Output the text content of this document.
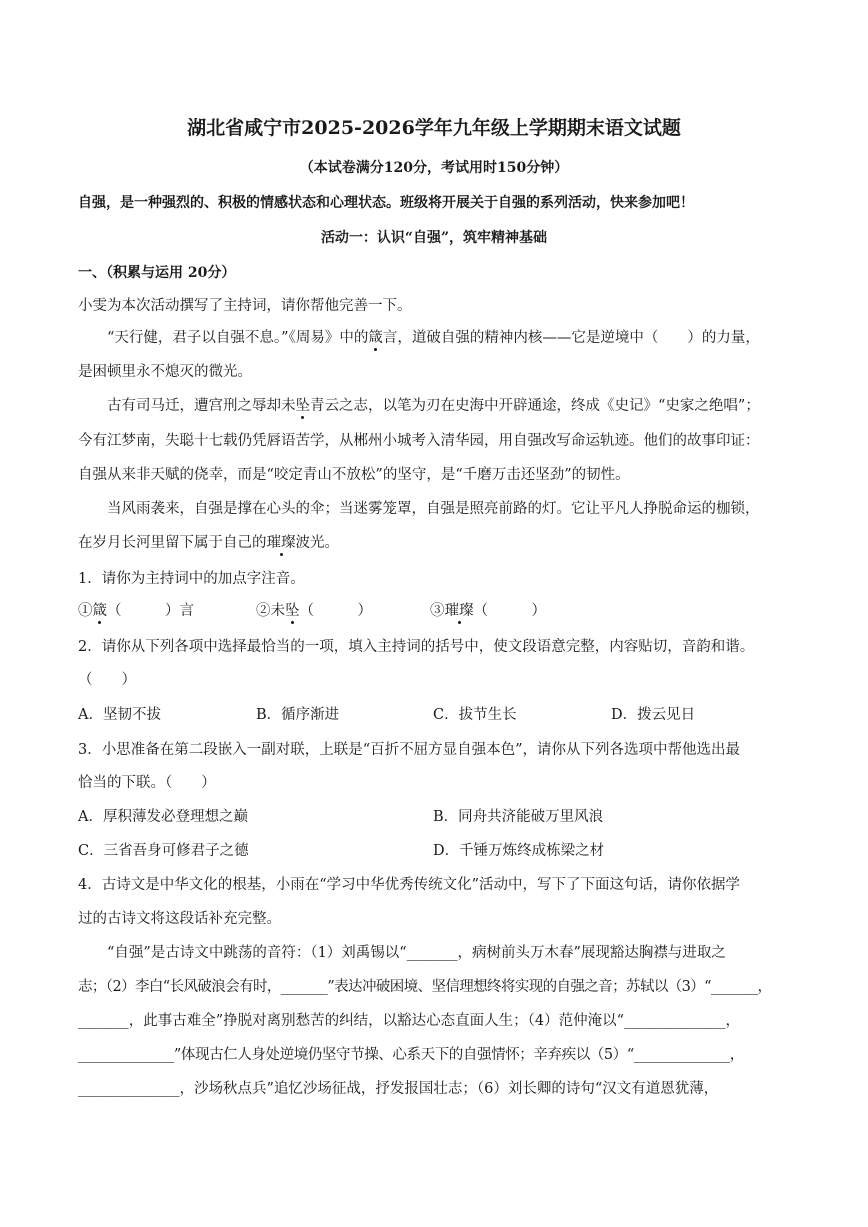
湖北省咸宁市2025-2026学年九年级上学期期末语文试题
（本试卷满分120分，考试用时150分钟）
自强，是一种强烈的、积极的情感状态和心理状态。班级将开展关于自强的系列活动，快来参加吧！
活动一：认识“自强”，筑牢精神基础
一、（积累与运用 20分）
小雯为本次活动撰写了主持词，请你帮他完善一下。
“天行健，君子以自强不息。”《周易》中的箴言，道破自强的精神内核——它是逆境中（　　）的力量，
是困顿里永不熄灭的微光。
古有司马迁，遭宫刑之辱却未坠青云之志，以笔为刃在史海中开辟通途，终成《史记》“史家之绝唱”；
今有江梦南，失聪十七载仍凭唇语苦学，从郴州小城考入清华园，用自强改写命运轨迹。他们的故事印证：
自强从来非天赋的侥幸，而是“咬定青山不放松”的坚守，是“千磨万击还坚劲”的韧性。
当风雨袭来，自强是撑在心头的伞；当迷雾笼罩，自强是照亮前路的灯。它让平凡人挣脱命运的枷锁，
在岁月长河里留下属于自己的璀璨波光。
1．请你为主持词中的加点字注音。
①箴（　　　）言	②未坠（　　　）	③璀璨（　　　）
2．请你从下列各项中选择最恰当的一项，填入主持词的括号中，使文段语意完整，内容贴切，音韵和谐。
（　　）
A．坚韧不拔	B．循序渐进	C．拔节生长	D．拨云见日
3．小思准备在第二段嵌入一副对联，上联是“百折不屈方显自强本色”，请你从下列各选项中帮他选出最
恰当的下联。（　　）
A．厚积薄发必登理想之巅	B．同舟共济能破万里风浪
C．三省吾身可修君子之德	D．千锤万炼终成栋梁之材
4．古诗文是中华文化的根基，小雨在“学习中华优秀传统文化”活动中，写下了下面这句话，请你依据学
过的古诗文将这段话补充完整。
“自强”是古诗文中跳荡的音符：（1）刘禹锡以“_______，病树前头万木春”展现豁达胸襟与进取之
志；（2）李白“长风破浪会有时，_______”表达冲破困境、坚信理想终将实现的自强之音；苏轼以（3）“_______，
_______，此事古难全”挣脱对离别愁苦的纠结，以豁达心态直面人生；（4）范仲淹以“______________，
______________”体现古仁人身处逆境仍坚守节操、心系天下的自强情怀；辛弃疾以（5）“______________，
______________，沙场秋点兵”追忆沙场征战，抒发报国壮志；（6）刘长卿的诗句“汉文有道恩犹薄，
